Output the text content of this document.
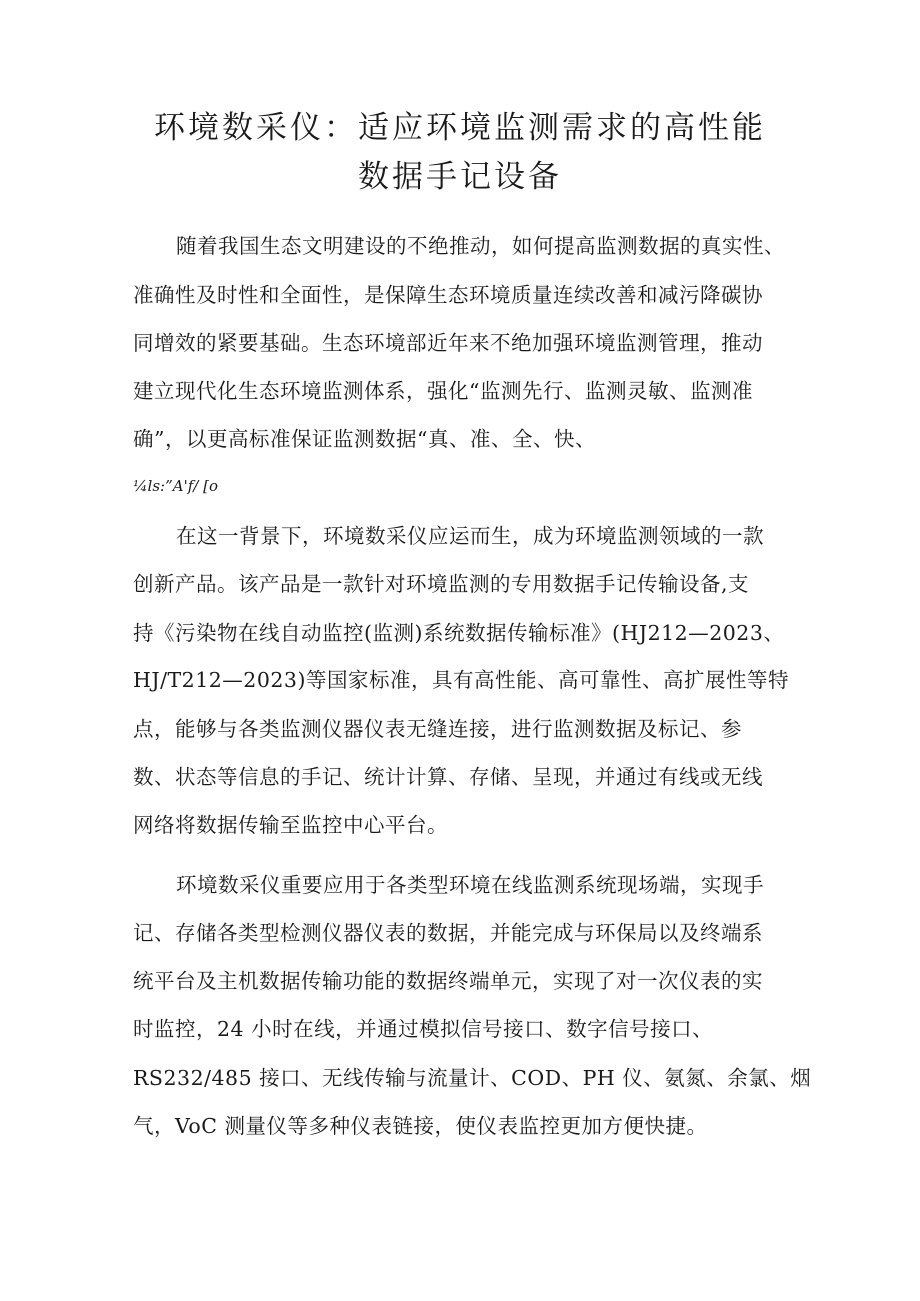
环境数采仪：适应环境监测需求的高性能
数据手记设备
随着我国生态文明建设的不绝推动，如何提高监测数据的真实性、
准确性及时性和全面性，是保障生态环境质量连续改善和减污降碳协
同增效的紧要基础。生态环境部近年来不绝加强环境监测管理，推动
建立现代化生态环境监测体系，强化“监测先行、监测灵敏、监测准
确”，以更高标准保证监测数据“真、准、全、快、
¼ls:”A'f/ [o
在这一背景下，环境数采仪应运而生，成为环境监测领域的一款
创新产品。该产品是一款针对环境监测的专用数据手记传输设备,支
持《污染物在线自动监控(监测)系统数据传输标准》(HJ212—2023、
HJ/T212—2023)等国家标准，具有高性能、高可靠性、高扩展性等特
点，能够与各类监测仪器仪表无缝连接，进行监测数据及标记、参
数、状态等信息的手记、统计计算、存储、呈现，并通过有线或无线
网络将数据传输至监控中心平台。
环境数采仪重要应用于各类型环境在线监测系统现场端，实现手
记、存储各类型检测仪器仪表的数据，并能完成与环保局以及终端系
统平台及主机数据传输功能的数据终端单元，实现了对一次仪表的实
时监控，24 小时在线，并通过模拟信号接口、数字信号接口、
RS232/485 接口、无线传输与流量计、COD、PH 仪、氨氮、余氯、烟
气，VoC 测量仪等多种仪表链接，使仪表监控更加方便快捷。
